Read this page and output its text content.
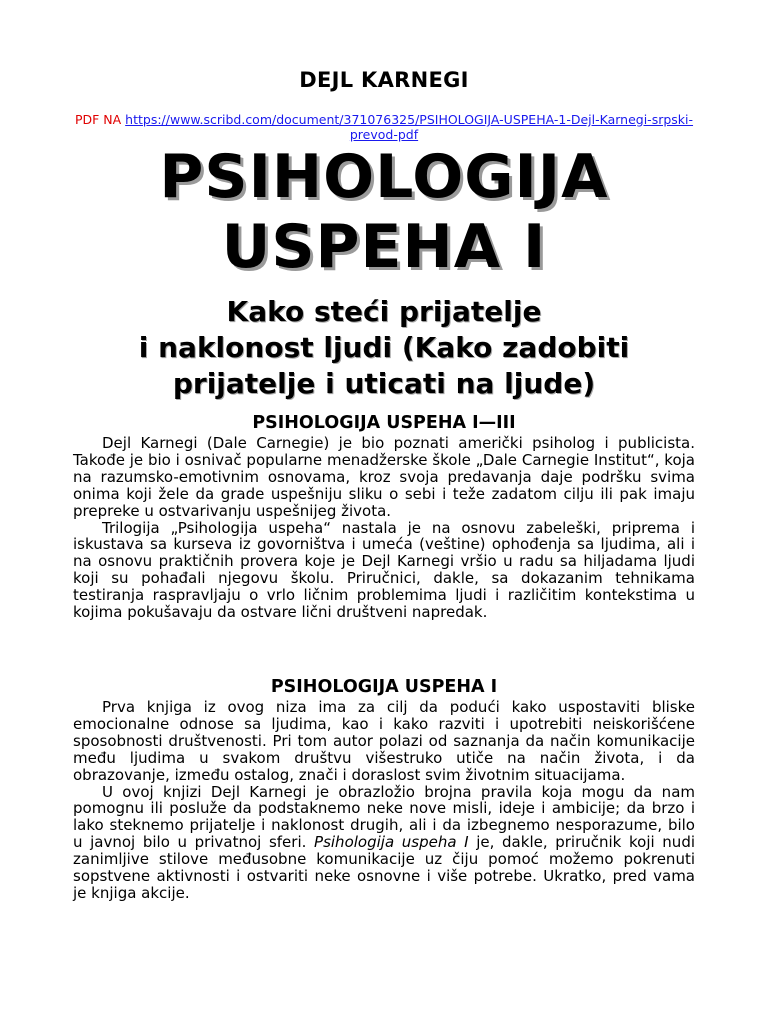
DEJL KARNEGI
PDF NA https://www.scribd.com/document/371076325/PSIHOLOGIJA-USPEHA-1-Dejl-Karnegi-srpski-prevod-pdf
PSIHOLOGIJA
USPEHA I
Kako steći prijatelje
i naklonost ljudi (Kako zadobiti
prijatelje i uticati na ljude)
PSIHOLOGIJA USPEHA I—III

Dejl Karnegi (Dale Carnegie) je bio poznati američki psiholog i publicista. Takođe je bio i osnivač popularne menadžerske škole „Dale Carnegie Institut“, koja na razumsko-emotivnim osnovama, kroz svoja predavanja daje podršku svima onima koji žele da grade uspešniju sliku o sebi i teže zadatom cilju ili pak imaju prepreke u ostvarivanju uspešnijeg života.

Trilogija „Psihologija uspeha“ nastala je na osnovu zabeleški, priprema i iskustava sa kurseva iz govorništva i umeća (veštine) ophođenja sa ljudima, ali i na osnovu praktičnih provera koje je Dejl Karnegi vršio u radu sa hiljadama ljudi koji su pohađali njegovu školu. Priručnici, dakle, sa dokazanim tehnikama testiranja raspravljaju o vrlo ličnim problemima ljudi i različitim kontekstima u kojima pokušavaju da ostvare lični društveni napredak.

PSIHOLOGIJA USPEHA I

Prva knjiga iz ovog niza ima za cilj da podući kako uspostaviti bliske emocionalne odnose sa ljudima, kao i kako razviti i upotrebiti neiskorišćene sposobnosti društvenosti. Pri tom autor polazi od saznanja da način komunikacije među ljudima u svakom društvu višestruko utiče na način života, i da obrazovanje, između ostalog, znači i doraslost svim životnim situacijama.

U ovoj knjizi Dejl Karnegi je obrazložio brojna pravila koja mogu da nam pomognu ili posluže da podstaknemo neke nove misli, ideje i ambicije; da brzo i lako steknemo prijatelje i naklonost drugih, ali i da izbegnemo nesporazume, bilo u javnoj bilo u privatnoj sferi. Psihologija uspeha I je, dakle, priručnik koji nudi zanimljive stilove međusobne komunikacije uz čiju pomoć možemo pokrenuti sopstvene aktivnosti i ostvariti neke osnovne i više potrebe. Ukratko, pred vama je knjiga akcije.
